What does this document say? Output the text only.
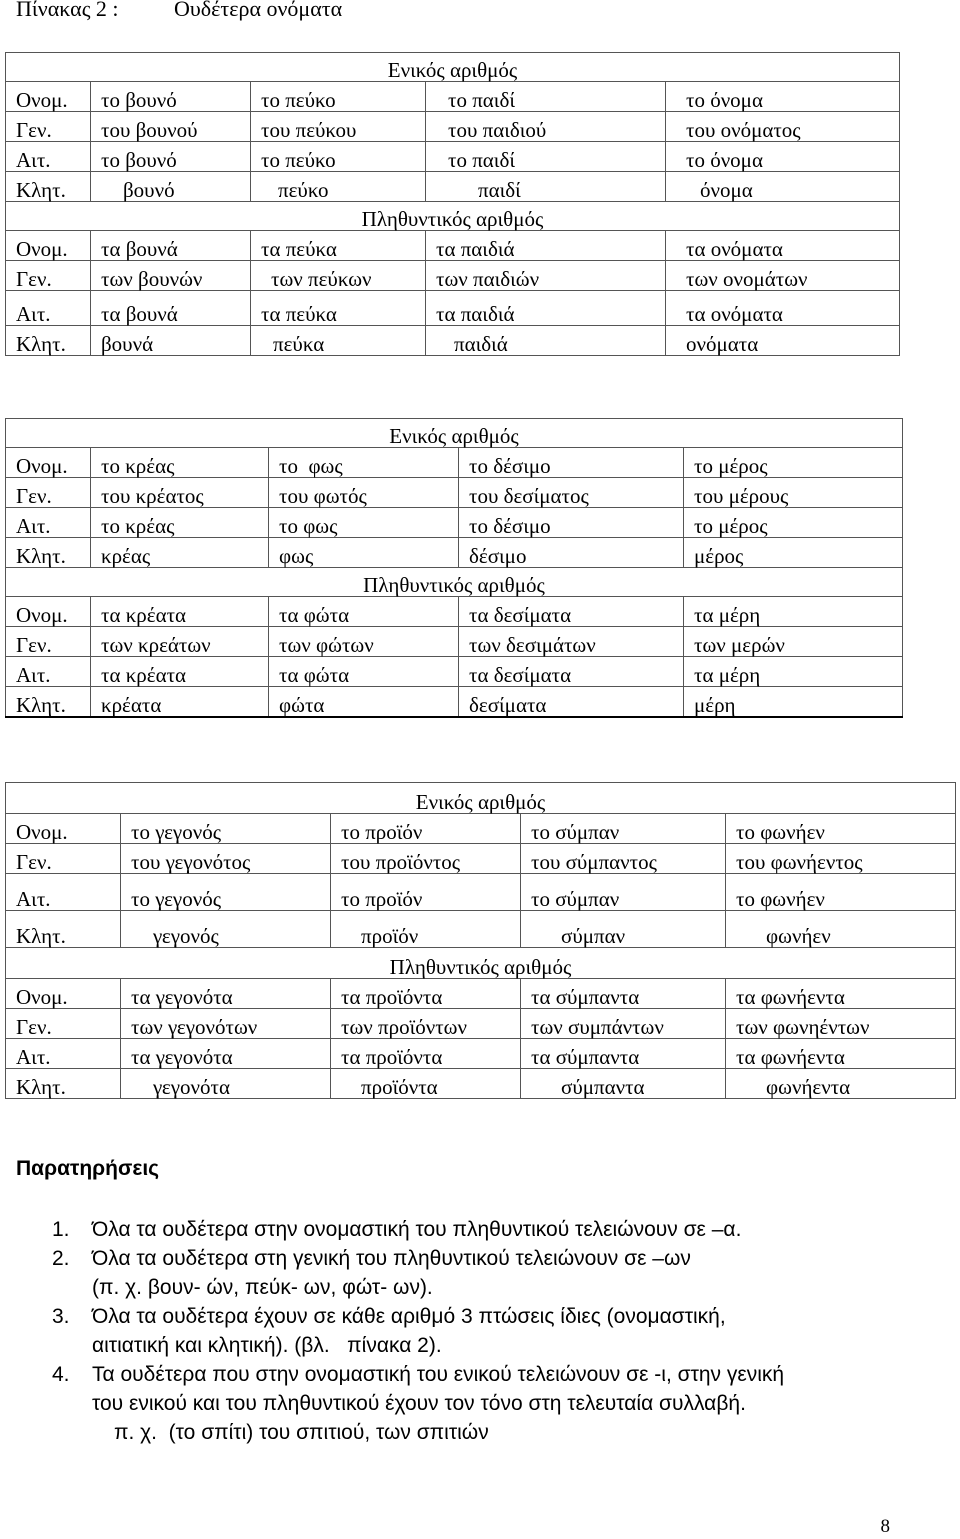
Πίνακας 2 :	Ουδέτερα ονόματα
Ενικός αριθμός				
Ονομ.	το βουνό	το πεύκο	το παιδί	το όνομα
Γεν.	του βουνού	του πεύκου	του παιδιού	του ονόματος
Αιτ.	το βουνό	το πεύκο	το παιδί	το όνομα
Κλητ.	βουνό	πεύκο	παιδί	όνομα
Πληθυντικός αριθμός				
Ονομ.	τα βουνά	τα πεύκα	τα παιδιά	τα ονόματα
Γεν.	των βουνών	των πεύκων	των παιδιών	των ονομάτων
Αιτ.	τα βουνά	τα πεύκα	τα παιδιά	τα ονόματα
Κλητ.	βουνά	πεύκα	παιδιά	ονόματα
Ενικός αριθμός				
Ονομ.	το κρέας	το  φως	το δέσιμο	το μέρος
Γεν.	του κρέατος	του φωτός	του δεσίματος	του μέρους
Αιτ.	το κρέας	το φως	το δέσιμο	το μέρος
Κλητ.	κρέας	φως	δέσιμο	μέρος
Πληθυντικός αριθμός				
Ονομ.	τα κρέατα	τα φώτα	τα δεσίματα	τα μέρη
Γεν.	των κρεάτων	των φώτων	των δεσιμάτων	των μερών
Αιτ.	τα κρέατα	τα φώτα	τα δεσίματα	τα μέρη
Κλητ.	κρέατα	φώτα	δεσίματα	μέρη
Ενικός αριθμός				
Ονομ.	το γεγονός	το προϊόν	το σύμπαν	το φωνήεν
Γεν.	του γεγονότος	του προϊόντος	του σύμπαντος	του φωνήεντος
Αιτ.	το γεγονός	το προϊόν	το σύμπαν	το φωνήεν
Κλητ.	γεγονός	προϊόν	σύμπαν	φωνήεν
Πληθυντικός αριθμός				
Ονομ.	τα γεγονότα	τα προϊόντα	τα σύμπαντα	τα φωνήεντα
Γεν.	των γεγονότων	των προϊόντων	των συμπάντων	των φωνηέντων
Αιτ.	τα γεγονότα	τα προϊόντα	τα σύμπαντα	τα φωνήεντα
Κλητ.	γεγονότα	προϊόντα	σύμπαντα	φωνήεντα
Παρατηρήσεις
1. Όλα τα ουδέτερα στην ονομαστική του πληθυντικού τελειώνουν σε –α.
2. Όλα τα ουδέτερα στη γενική του πληθυντικού τελειώνουν σε –ων
(π. χ. βουν- ών, πεύκ- ων, φώτ- ων).
3. Όλα τα ουδέτερα έχουν σε κάθε αριθμό 3 πτώσεις ίδιες (ονομαστική,
αιτιατική και κλητική). (βλ.   πίνακα 2).
4. Τα ουδέτερα που στην ονομαστική του ενικού τελειώνουν σε -ι, στην γενική
του ενικού και του πληθυντικού έχουν τον τόνο στη τελευταία συλλαβή.
π. χ.  (το σπίτι) του σπιτιού, των σπιτιών
8
